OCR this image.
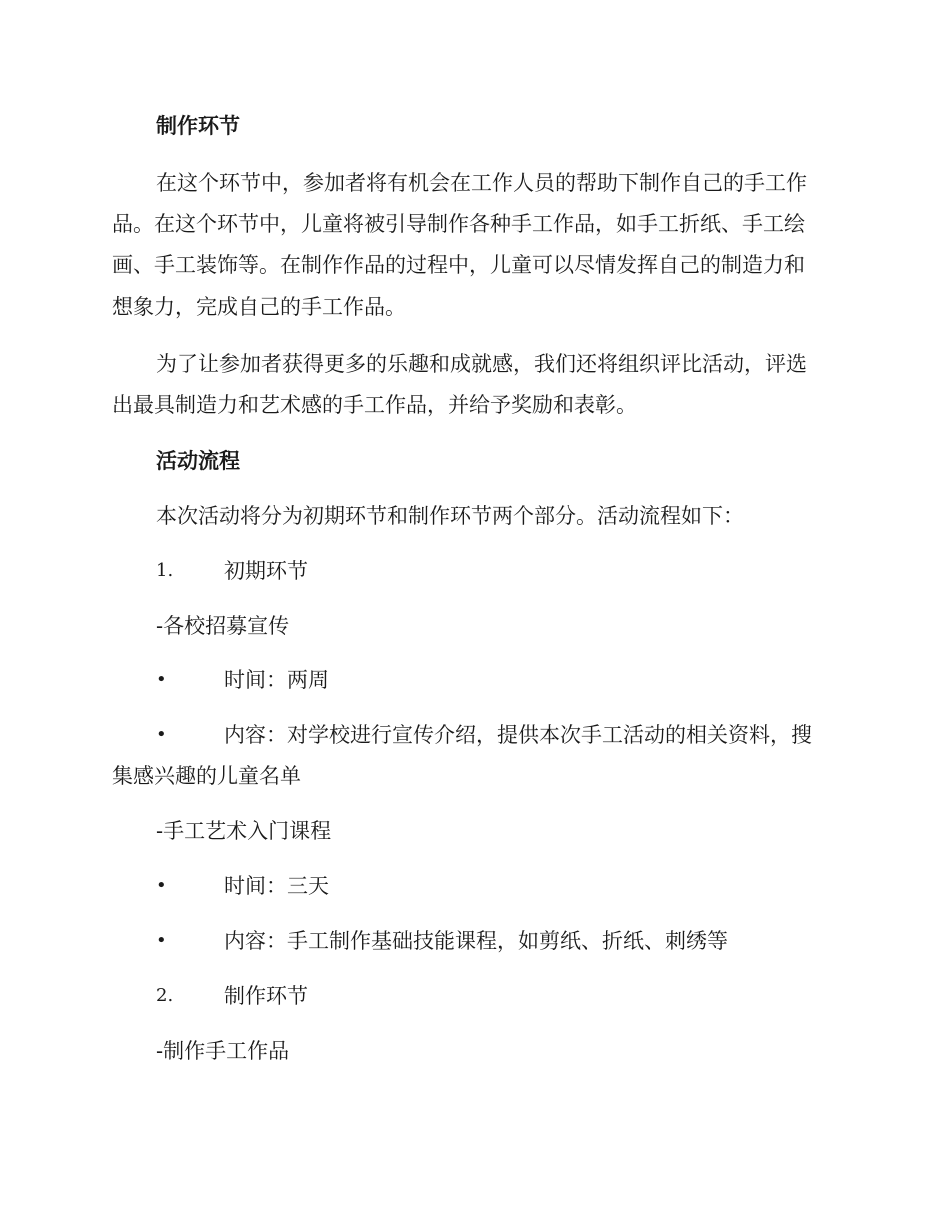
制作环节
在这个环节中，参加者将有机会在工作人员的帮助下制作自己的手工作
品。在这个环节中，儿童将被引导制作各种手工作品，如手工折纸、手工绘
画、手工装饰等。在制作作品的过程中，儿童可以尽情发挥自己的制造力和
想象力，完成自己的手工作品。
为了让参加者获得更多的乐趣和成就感，我们还将组织评比活动，评选
出最具制造力和艺术感的手工作品，并给予奖励和表彰。
活动流程
本次活动将分为初期环节和制作环节两个部分。活动流程如下：
1. 初期环节
-各校招募宣传
•	时间：两周
•	内容：对学校进行宣传介绍，提供本次手工活动的相关资料，搜
集感兴趣的儿童名单
-手工艺术入门课程
•	时间：三天
•	内容：手工制作基础技能课程，如剪纸、折纸、刺绣等
2. 制作环节
-制作手工作品
